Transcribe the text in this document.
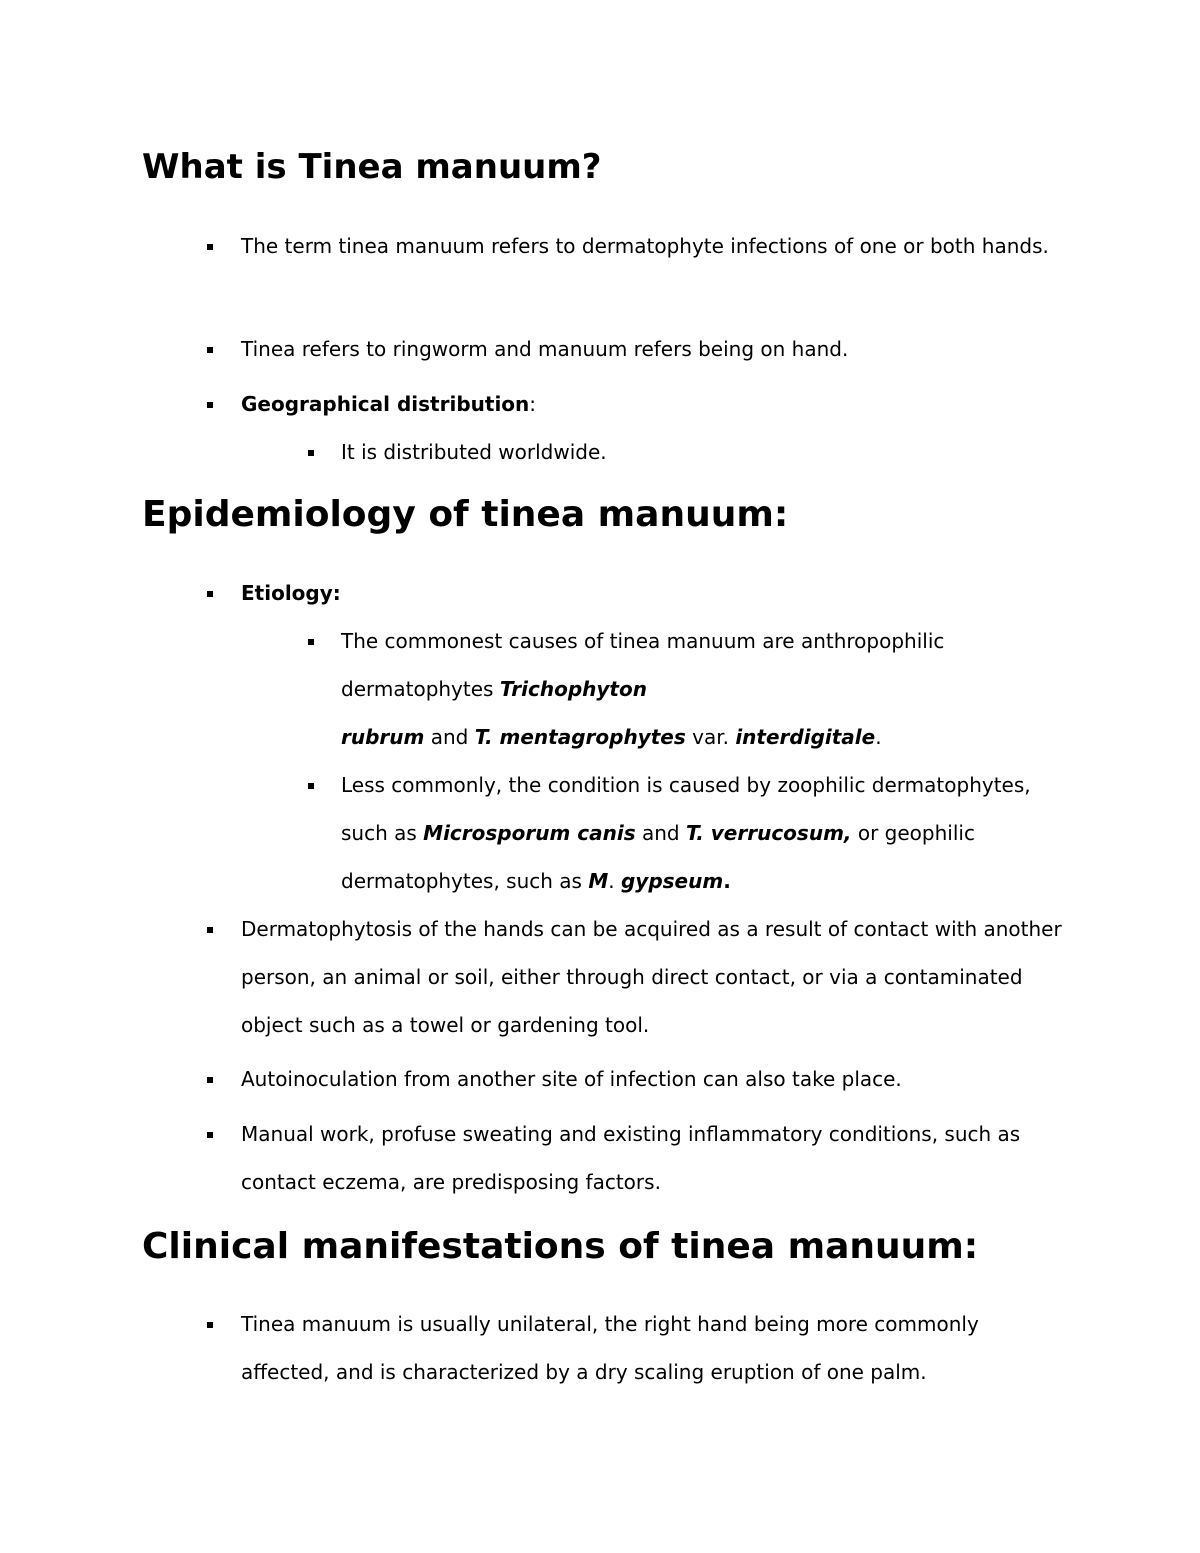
What is Tinea manuum?

The term tinea manuum refers to dermatophyte infections of one or both hands.

Tinea refers to ringworm and manuum refers being on hand.

Geographical distribution:

It is distributed worldwide.

Epidemiology of tinea manuum:

Etiology:

The commonest causes of tinea manuum are anthropophilic dermatophytes Trichophyton
rubrum and T. mentagrophytes var. interdigitale.

Less commonly, the condition is caused by zoophilic dermatophytes, such as Microsporum canis and T. verrucosum, or geophilic dermatophytes, such as M. gypseum.

Dermatophytosis of the hands can be acquired as a result of contact with another person, an animal or soil, either through direct contact, or via a contaminated object such as a towel or gardening tool.

Autoinoculation from another site of infection can also take place.

Manual work, profuse sweating and existing inflammatory conditions, such as contact eczema, are predisposing factors.

Clinical manifestations of tinea manuum:

Tinea manuum is usually unilateral, the right hand being more commonly affected, and is characterized by a dry scaling eruption of one palm.
